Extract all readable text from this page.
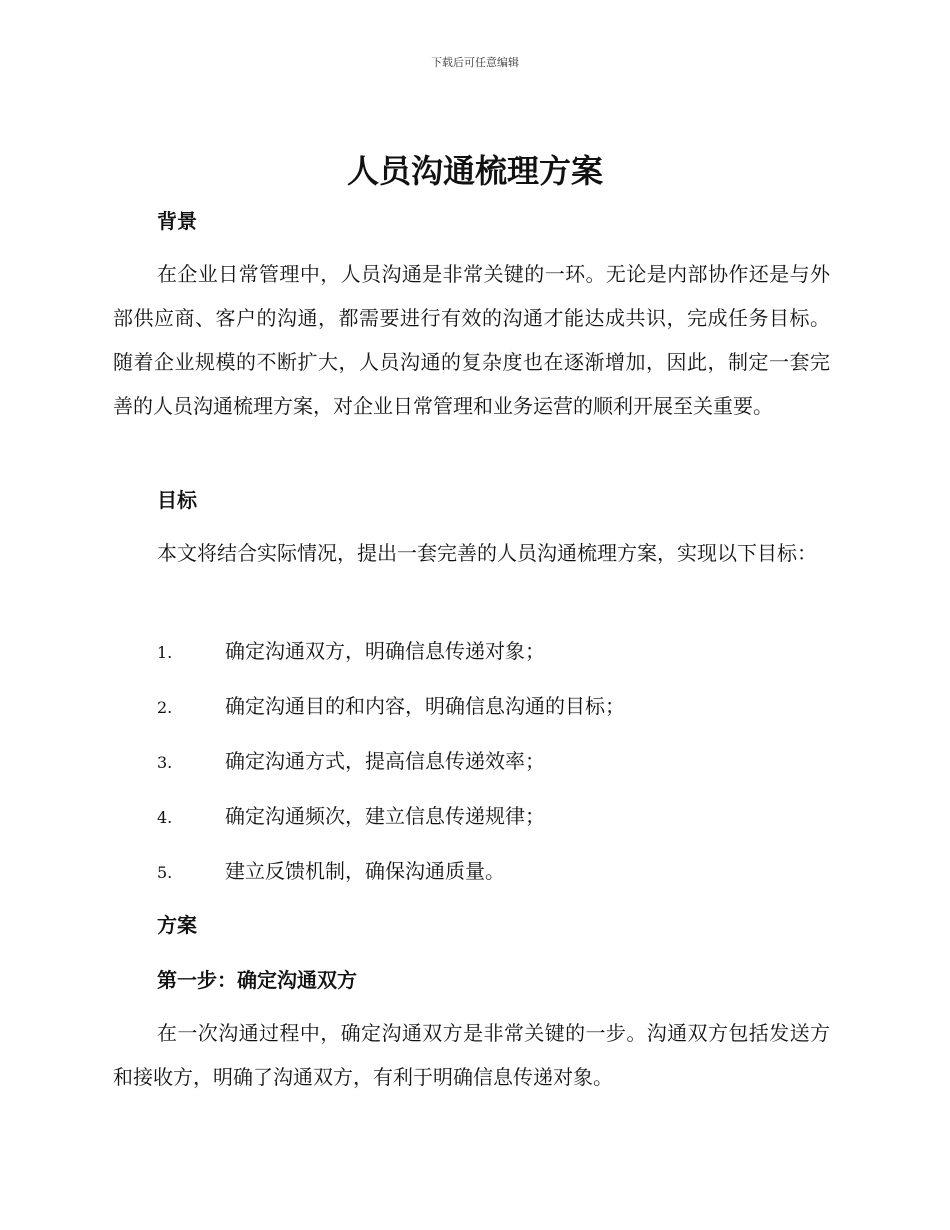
下载后可任意编辑
人员沟通梳理方案
背景

在企业日常管理中，人员沟通是非常关键的一环。无论是内部协作还是与外部供应商、客户的沟通，都需要进行有效的沟通才能达成共识，完成任务目标。随着企业规模的不断扩大，人员沟通的复杂度也在逐渐增加，因此，制定一套完善的人员沟通梳理方案，对企业日常管理和业务运营的顺利开展至关重要。

目标

本文将结合实际情况，提出一套完善的人员沟通梳理方案，实现以下目标：

1.	确定沟通双方，明确信息传递对象；
2.	确定沟通目的和内容，明确信息沟通的目标；
3.	确定沟通方式，提高信息传递效率；
4.	确定沟通频次，建立信息传递规律；
5.	建立反馈机制，确保沟通质量。
方案
第一步：确定沟通双方

在一次沟通过程中，确定沟通双方是非常关键的一步。沟通双方包括发送方和接收方，明确了沟通双方，有利于明确信息传递对象。
